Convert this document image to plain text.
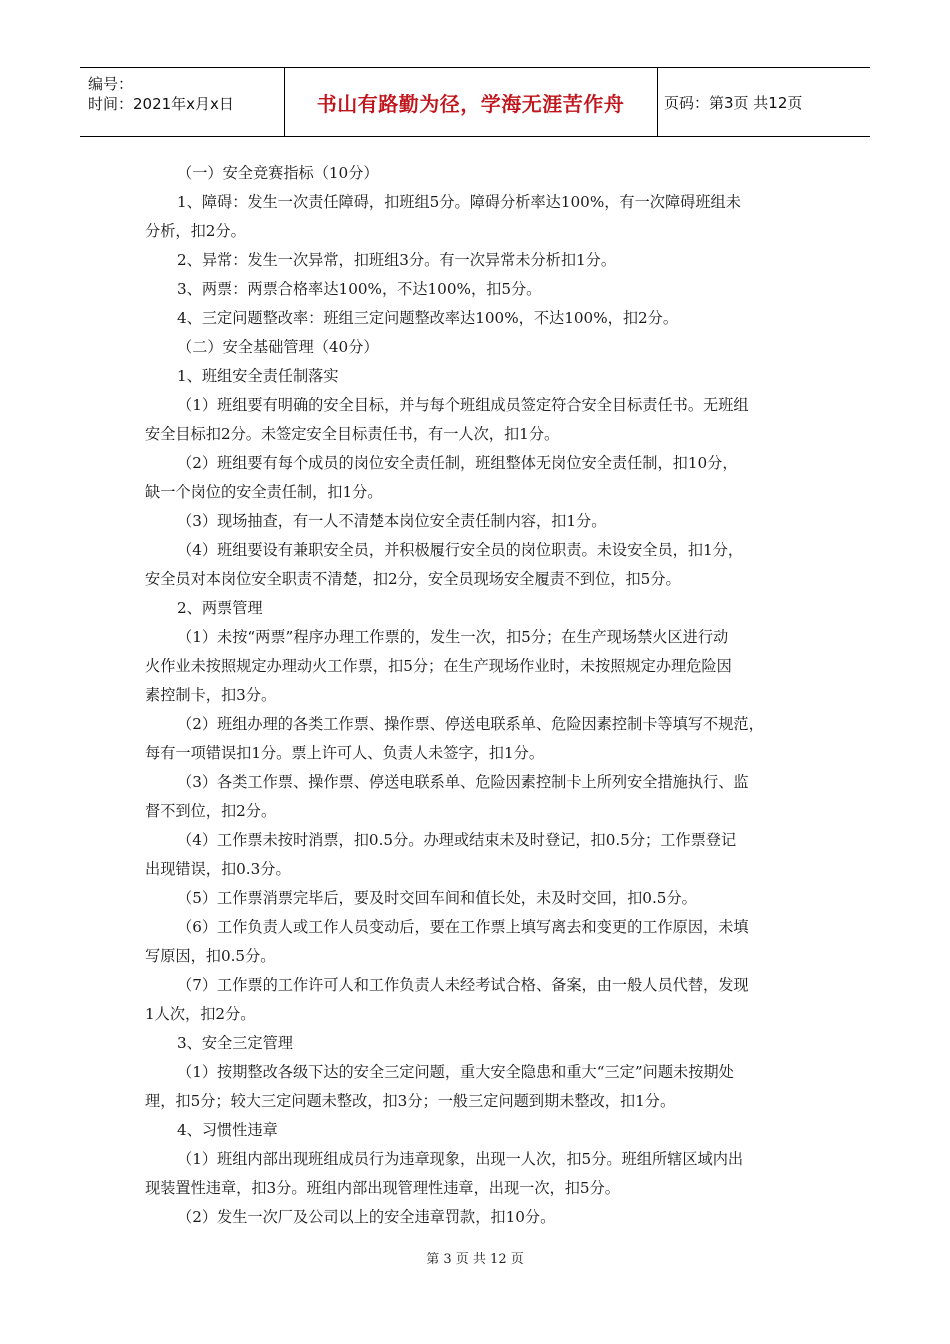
编号：
时间：2021年x月x日	书山有路勤为径，学海无涯苦作舟	页码：第3页 共12页

（一）安全竞赛指标（10分）

1、障碍：发生一次责任障碍，扣班组5分。障碍分析率达100%，有一次障碍班组未

分析，扣2分。

2、异常：发生一次异常，扣班组3分。有一次异常未分析扣1分。

3、两票：两票合格率达100%，不达100%，扣5分。

4、三定问题整改率：班组三定问题整改率达100%，不达100%，扣2分。

（二）安全基础管理（40分）

1、班组安全责任制落实

（1）班组要有明确的安全目标，并与每个班组成员签定符合安全目标责任书。无班组

安全目标扣2分。未签定安全目标责任书，有一人次，扣1分。

（2）班组要有每个成员的岗位安全责任制，班组整体无岗位安全责任制，扣10分，

缺一个岗位的安全责任制，扣1分。

（3）现场抽查，有一人不清楚本岗位安全责任制内容，扣1分。

（4）班组要设有兼职安全员，并积极履行安全员的岗位职责。未设安全员，扣1分，

安全员对本岗位安全职责不清楚，扣2分，安全员现场安全履责不到位，扣5分。

2、两票管理

（1）未按“两票”程序办理工作票的，发生一次，扣5分；在生产现场禁火区进行动

火作业未按照规定办理动火工作票，扣5分；在生产现场作业时，未按照规定办理危险因

素控制卡，扣3分。

（2）班组办理的各类工作票、操作票、停送电联系单、危险因素控制卡等填写不规范，

每有一项错误扣1分。票上许可人、负责人未签字，扣1分。

（3）各类工作票、操作票、停送电联系单、危险因素控制卡上所列安全措施执行、监

督不到位，扣2分。

（4）工作票未按时消票，扣0.5分。办理或结束未及时登记，扣0.5分；工作票登记

出现错误，扣0.3分。

（5）工作票消票完毕后，要及时交回车间和值长处，未及时交回，扣0.5分。

（6）工作负责人或工作人员变动后，要在工作票上填写离去和变更的工作原因，未填

写原因，扣0.5分。

（7）工作票的工作许可人和工作负责人未经考试合格、备案，由一般人员代替，发现

1人次，扣2分。

3、安全三定管理

（1）按期整改各级下达的安全三定问题，重大安全隐患和重大“三定”问题未按期处

理，扣5分；较大三定问题未整改，扣3分；一般三定问题到期未整改，扣1分。

4、习惯性违章

（1）班组内部出现班组成员行为违章现象，出现一人次，扣5分。班组所辖区域内出

现装置性违章，扣3分。班组内部出现管理性违章，出现一次，扣5分。

（2）发生一次厂及公司以上的安全违章罚款，扣10分。

第 3 页 共 12 页
